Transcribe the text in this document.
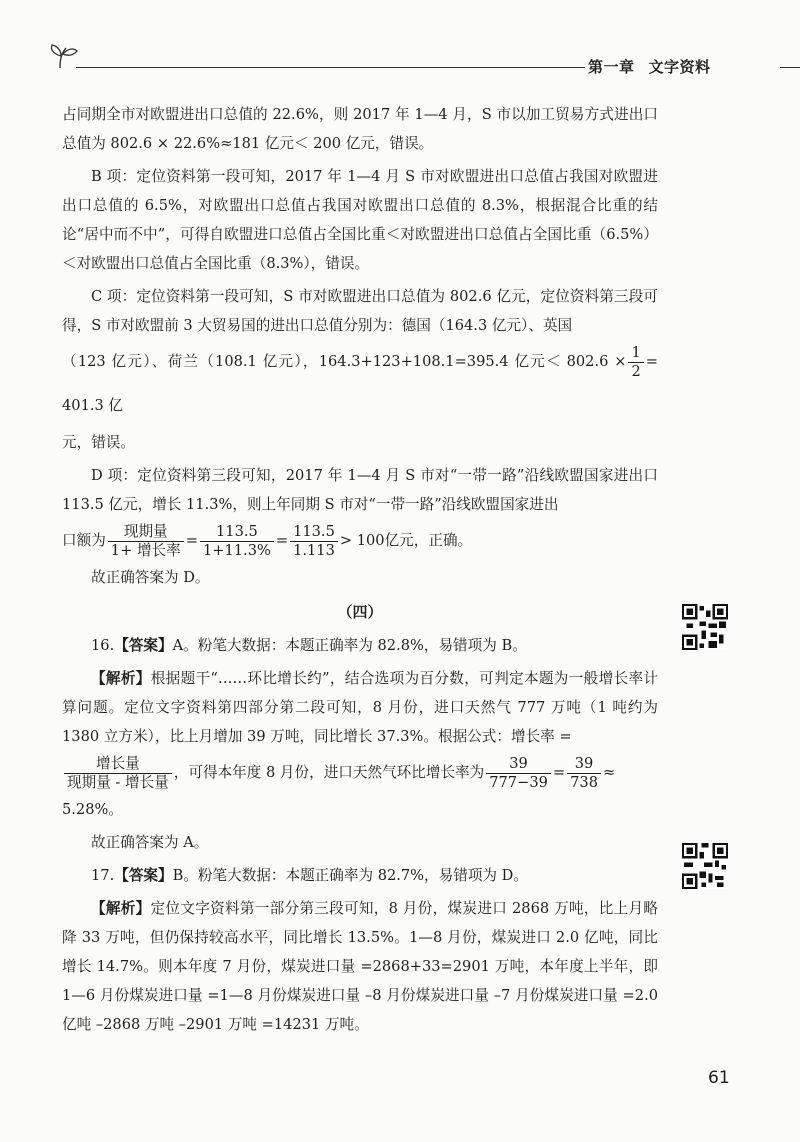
第一章 文字资料

占同期全市对欧盟进出口总值的 22.6%，则 2017 年 1—4 月，S 市以加工贸易方式进出口总值为 802.6 × 22.6%≈181 亿元＜ 200 亿元，错误。

B 项：定位资料第一段可知，2017 年 1—4 月 S 市对欧盟进出口总值占我国对欧盟进出口总值的 6.5%，对欧盟出口总值占我国对欧盟出口总值的 8.3%，根据混合比重的结论“居中而不中”，可得自欧盟进口总值占全国比重＜对欧盟进出口总值占全国比重（6.5%）＜对欧盟出口总值占全国比重（8.3%），错误。

C 项：定位资料第一段可知，S 市对欧盟进出口总值为 802.6 亿元，定位资料第三段可得，S 市对欧盟前 3 大贸易国的进出口总值分别为：德国（164.3 亿元）、英国

（123 亿元）、荷兰（108.1 亿元），164.3+123+108.1=395.4 亿元＜ $802.6 \times \frac{1}{2} = 401.3$ 亿

元，错误。

D 项：定位资料第三段可知，2017 年 1—4 月 S 市对“一带一路”沿线欧盟国家进出口 113.5 亿元，增长 11.3%，则上年同期 S 市对“一带一路”沿线欧盟国家进出

口额为 $\frac{\text{现期量}}{\text{1+ 增长率}} = \frac{113.5}{1+11.3\%} = \frac{113.5}{1.113} > 100$亿元，正确。

故正确答案为 D。

（四）

16.【答案】A。粉笔大数据：本题正确率为 82.8%，易错项为 B。

【解析】根据题干“……环比增长约”，结合选项为百分数，可判定本题为一般增长率计算问题。定位文字资料第四部分第二段可知，8 月份，进口天然气 777 万吨（1 吨约为 1380 立方米），比上月增加 39 万吨，同比增长 37.3%。根据公式：增长率 =

$\frac{\text{增长量}}{\text{现期量 - 增长量}}$ ，可得本年度 8 月份，进口天然气环比增长率为 $\frac{39}{777-39} = \frac{39}{738}$ ≈

5.28%。

故正确答案为 A。

17.【答案】B。粉笔大数据：本题正确率为 82.7%，易错项为 D。

【解析】定位文字资料第一部分第三段可知，8 月份，煤炭进口 2868 万吨，比上月略降 33 万吨，但仍保持较高水平，同比增长 13.5%。1—8 月份，煤炭进口 2.0 亿吨，同比增长 14.7%。则本年度 7 月份，煤炭进口量 =2868+33=2901 万吨，本年度上半年，即 1—6 月份煤炭进口量 =1—8 月份煤炭进口量 –8 月份煤炭进口量 –7 月份煤炭进口量 =2.0 亿吨 –2868 万吨 –2901 万吨 =14231 万吨。

61
